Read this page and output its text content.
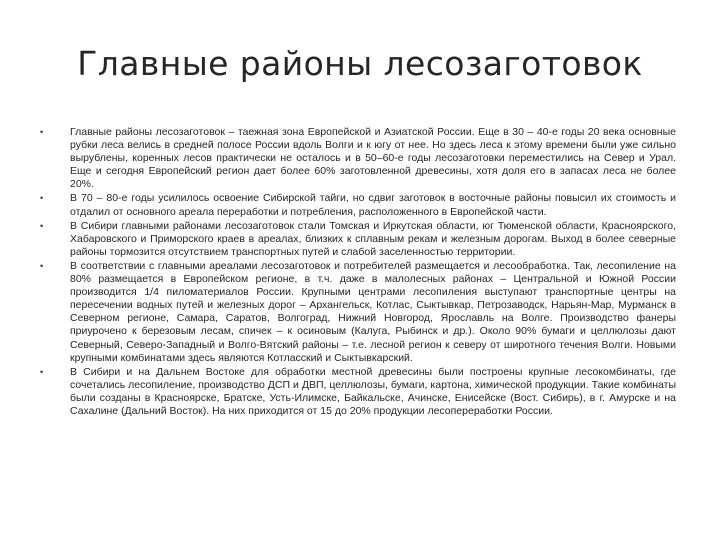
Главные районы лесозаготовок
•	Главные районы лесозаготовок – таежная зона Европейской и Азиатской России. Еще в 30 – 40-е годы 20 века основные рубки леса велись в средней полосе России вдоль Волги и к югу от нее. Но здесь леса к этому времени были уже сильно вырублены, коренных лесов практически не осталось и в 50–60-е годы лесозаготовки переместились на Север и Урал. Еще и сегодня Европейский регион дает более 60% заготовленной древесины, хотя доля его в запасах леса не более 20%.
•	В 70 – 80-е годы усилилось освоение Сибирской тайги, но сдвиг заготовок в восточные районы повысил их стоимость и отдалил от основного ареала переработки и потребления, расположенного в Европейской части.
•	В Сибири главными районами лесозаготовок стали Томская и Иркутская области, юг Тюменской области, Красноярского, Хабаровского и Приморского краев в ареалах, близких к сплавным рекам и железным дорогам. Выход в более северные районы тормозится отсутствием транспортных путей и слабой заселенностью территории.
•	В соответствии с главными ареалами лесозаготовок и потребителей размещается и лесообработка. Так, лесопиление на 80% размещается в Европейском регионе, в т.ч. даже в малолесных районах – Центральной и Южной России производится 1/4 пиломатериалов России. Крупными центрами лесопиления выступают транспортные центры на пересечении водных путей и железных дорог – Архангельск, Котлас, Сыктывкар, Петрозаводск, Нарьян-Мар, Мурманск в Северном регионе, Самара, Саратов, Волгоград, Нижний Новгород, Ярославль на Волге. Производство фанеры приурочено к березовым лесам, спичек – к осиновым (Калуга, Рыбинск и др.). Около 90% бумаги и целлюлозы дают Северный, Северо-Западный и Волго-Вятский районы – т.е. лесной регион к северу от широтного течения Волги. Новыми крупными комбинатами здесь являются Котласский и Сыктывкарский.
•	В Сибири и на Дальнем Востоке для обработки местной древесины были построены крупные лесокомбинаты, где сочетались лесопиление, производство ДСП и ДВП, целлюлозы, бумаги, картона, химической продукции. Такие комбинаты были созданы в Красноярске, Братске, Усть-Илимске, Байкальске, Ачинске, Енисейске (Вост. Сибирь), в г. Амурске и на Сахалине (Дальний Восток). На них приходится от 15 до 20% продукции лесопереработки России.
